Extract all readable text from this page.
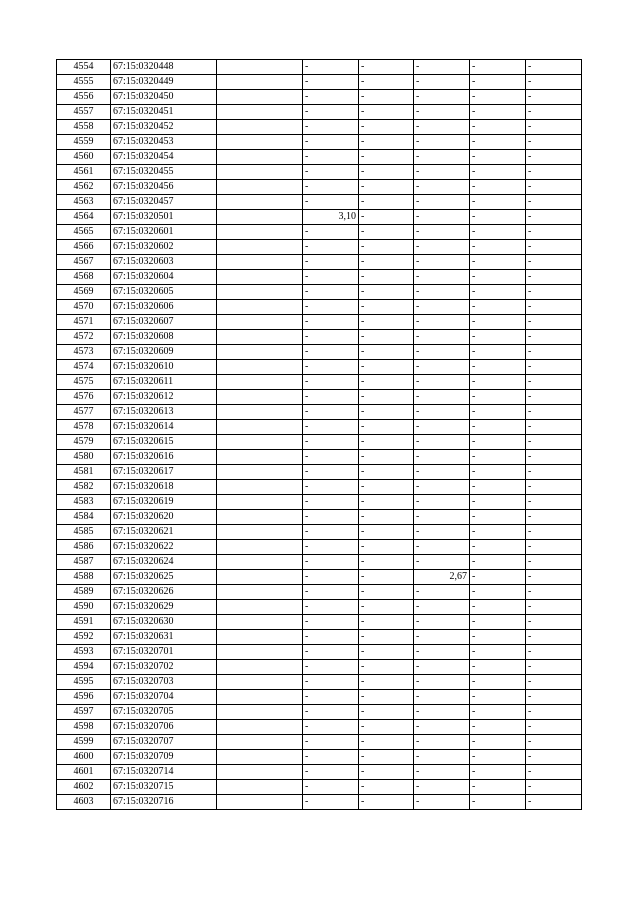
4554	67:15:0320448		-	-	-	-	-
4555	67:15:0320449		-	-	-	-	-
4556	67:15:0320450		-	-	-	-	-
4557	67:15:0320451		-	-	-	-	-
4558	67:15:0320452		-	-	-	-	-
4559	67:15:0320453		-	-	-	-	-
4560	67:15:0320454		-	-	-	-	-
4561	67:15:0320455		-	-	-	-	-
4562	67:15:0320456		-	-	-	-	-
4563	67:15:0320457		-	-	-	-	-
4564	67:15:0320501		3,10	-	-	-	-
4565	67:15:0320601		-	-	-	-	-
4566	67:15:0320602		-	-	-	-	-
4567	67:15:0320603		-	-	-	-	-
4568	67:15:0320604		-	-	-	-	-
4569	67:15:0320605		-	-	-	-	-
4570	67:15:0320606		-	-	-	-	-
4571	67:15:0320607		-	-	-	-	-
4572	67:15:0320608		-	-	-	-	-
4573	67:15:0320609		-	-	-	-	-
4574	67:15:0320610		-	-	-	-	-
4575	67:15:0320611		-	-	-	-	-
4576	67:15:0320612		-	-	-	-	-
4577	67:15:0320613		-	-	-	-	-
4578	67:15:0320614		-	-	-	-	-
4579	67:15:0320615		-	-	-	-	-
4580	67:15:0320616		-	-	-	-	-
4581	67:15:0320617		-	-	-	-	-
4582	67:15:0320618		-	-	-	-	-
4583	67:15:0320619		-	-	-	-	-
4584	67:15:0320620		-	-	-	-	-
4585	67:15:0320621		-	-	-	-	-
4586	67:15:0320622		-	-	-	-	-
4587	67:15:0320624		-	-	-	-	-
4588	67:15:0320625		-	-	2,67	-	-
4589	67:15:0320626		-	-	-	-	-
4590	67:15:0320629		-	-	-	-	-
4591	67:15:0320630		-	-	-	-	-
4592	67:15:0320631		-	-	-	-	-
4593	67:15:0320701		-	-	-	-	-
4594	67:15:0320702		-	-	-	-	-
4595	67:15:0320703		-	-	-	-	-
4596	67:15:0320704		-	-	-	-	-
4597	67:15:0320705		-	-	-	-	-
4598	67:15:0320706		-	-	-	-	-
4599	67:15:0320707		-	-	-	-	-
4600	67:15:0320709		-	-	-	-	-
4601	67:15:0320714		-	-	-	-	-
4602	67:15:0320715		-	-	-	-	-
4603	67:15:0320716		-	-	-	-	-
